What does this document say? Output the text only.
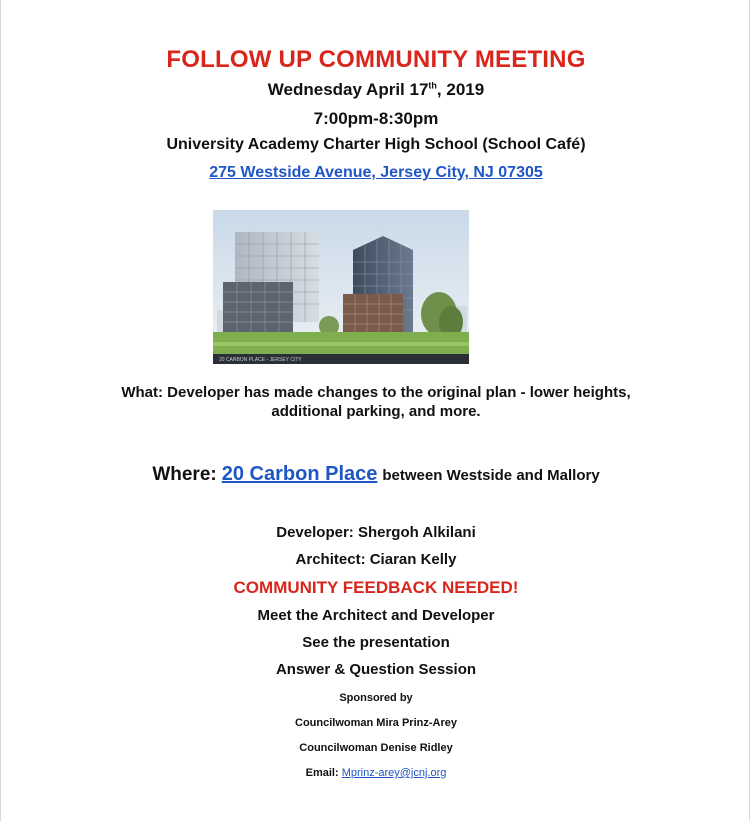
FOLLOW UP COMMUNITY MEETING
Wednesday April 17th, 2019
7:00pm-8:30pm
University Academy Charter High School (School Café)
275 Westside Avenue, Jersey City, NJ 07305
20 CARBON PLACE - JERSEY CITY
What: Developer has made changes to the original plan - lower heights, additional parking, and more.
Where: 20 Carbon Place between Westside and Mallory
Developer: Shergoh Alkilani
Architect: Ciaran Kelly
COMMUNITY FEEDBACK NEEDED!
Meet the Architect and Developer
See the presentation
Answer & Question Session
Sponsored by
Councilwoman Mira Prinz-Arey
Councilwoman Denise Ridley
Email: Mprinz-arey@jcnj.org
